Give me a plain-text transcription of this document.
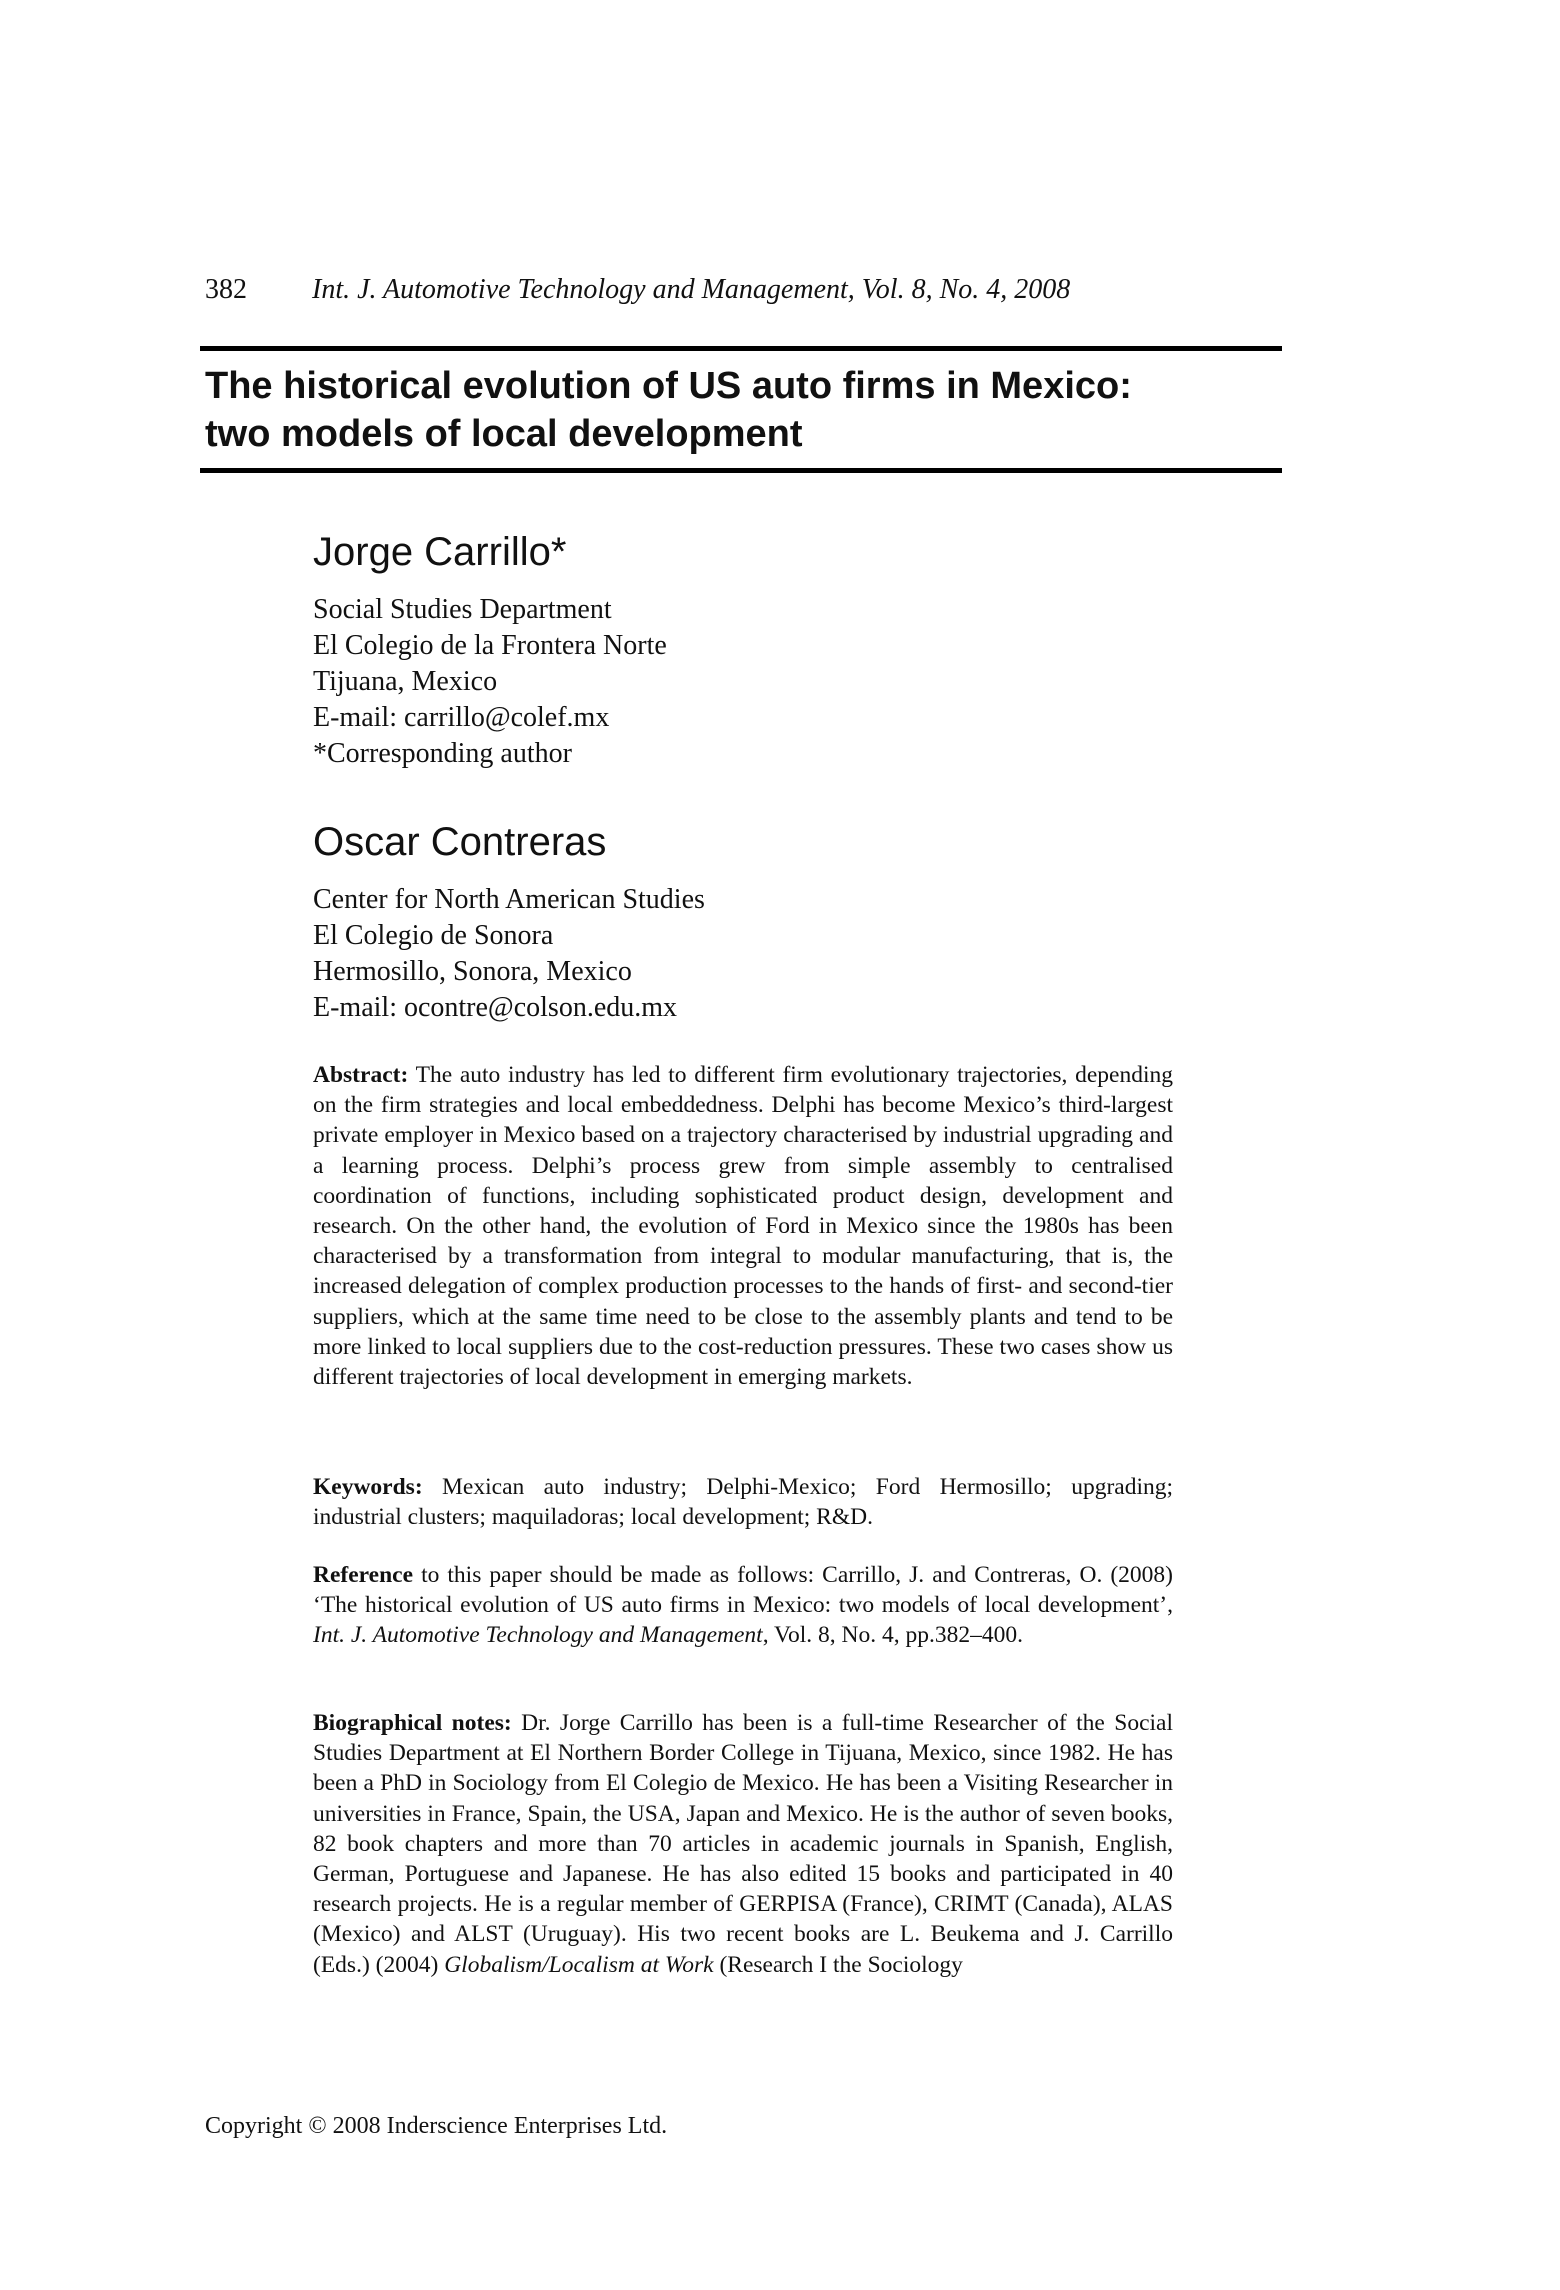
382 Int. J. Automotive Technology and Management, Vol. 8, No. 4, 2008
The historical evolution of US auto firms in Mexico:
two models of local development
Jorge Carrillo*
Social Studies Department
El Colegio de la Frontera Norte
Tijuana, Mexico
E-mail: carrillo@colef.mx
*Corresponding author
Oscar Contreras
Center for North American Studies
El Colegio de Sonora
Hermosillo, Sonora, Mexico
E-mail: ocontre@colson.edu.mx
Abstract: The auto industry has led to different firm evolutionary trajectories, depending on the firm strategies and local embeddedness. Delphi has become Mexico’s third-largest private employer in Mexico based on a trajectory characterised by industrial upgrading and a learning process. Delphi’s process grew from simple assembly to centralised coordination of functions, including sophisticated product design, development and research. On the other hand, the evolution of Ford in Mexico since the 1980s has been characterised by a transformation from integral to modular manufacturing, that is, the increased delegation of complex production processes to the hands of first- and second-tier suppliers, which at the same time need to be close to the assembly plants and tend to be more linked to local suppliers due to the cost-reduction pressures. These two cases show us different trajectories of local development in emerging markets.
Keywords: Mexican auto industry; Delphi-Mexico; Ford Hermosillo; upgrading; industrial clusters; maquiladoras; local development; R&D.
Reference to this paper should be made as follows: Carrillo, J. and Contreras, O. (2008) ‘The historical evolution of US auto firms in Mexico: two models of local development’, Int. J. Automotive Technology and Management, Vol. 8, No. 4, pp.382–400.
Biographical notes: Dr. Jorge Carrillo has been is a full-time Researcher of the Social Studies Department at El Northern Border College in Tijuana, Mexico, since 1982. He has been a PhD in Sociology from El Colegio de Mexico. He has been a Visiting Researcher in universities in France, Spain, the USA, Japan and Mexico. He is the author of seven books, 82 book chapters and more than 70 articles in academic journals in Spanish, English, German, Portuguese and Japanese. He has also edited 15 books and participated in 40 research projects. He is a regular member of GERPISA (France), CRIMT (Canada), ALAS (Mexico) and ALST (Uruguay). His two recent books are L. Beukema and J. Carrillo (Eds.) (2004) Globalism/Localism at Work (Research I the Sociology
Copyright © 2008 Inderscience Enterprises Ltd.
